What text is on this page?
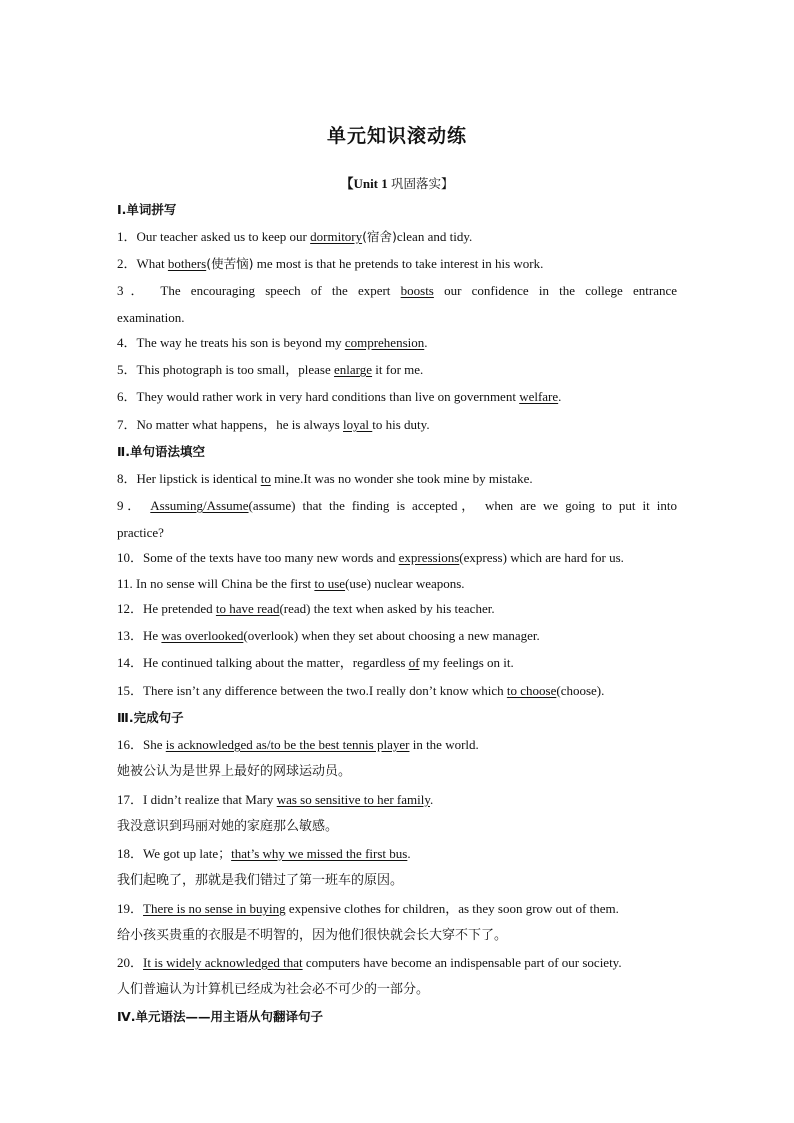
单元知识滚动练
【Unit 1 巩固落实】
Ⅰ.单词拼写
1．Our teacher asked us to keep our dormitory(宿舍)clean and tidy.
2．What bothers(使苦恼) me most is that he pretends to take interest in his work.
3． The encouraging speech of the expert boosts our confidence in the college entrance
examination.
4．The way he treats his son is beyond my comprehension.
5．This photograph is too small，please enlarge it for me.
6．They would rather work in very hard conditions than live on government welfare.
7．No matter what happens，he is always loyal to his duty.
Ⅱ.单句语法填空
8．Her lipstick is identical to mine.It was no wonder she took mine by mistake.
9． Assuming/Assume(assume) that the finding is accepted， when are we going to put it into
practice?
10．Some of the texts have too many new words and expressions(express) which are hard for us.
11. In no sense will China be the first to use(use) nuclear weapons.
12．He pretended to have read(read) the text when asked by his teacher.
13．He was overlooked(overlook) when they set about choosing a new manager.
14．He continued talking about the matter，regardless of my feelings on it.
15．There isn’t any difference between the two.I really don’t know which to choose(choose).
Ⅲ.完成句子
16．She is acknowledged as/to be the best tennis player in the world.
她被公认为是世界上最好的网球运动员。
17．I didn’t realize that Mary was so sensitive to her family.
我没意识到玛丽对她的家庭那么敏感。
18．We got up late；that’s why we missed the first bus.
我们起晚了，那就是我们错过了第一班车的原因。
19．There is no sense in buying expensive clothes for children，as they soon grow out of them.
给小孩买贵重的衣服是不明智的，因为他们很快就会长大穿不下了。
20．It is widely acknowledged that computers have become an indispensable part of our society.
人们普遍认为计算机已经成为社会必不可少的一部分。
Ⅳ.单元语法——用主语从句翻译句子
